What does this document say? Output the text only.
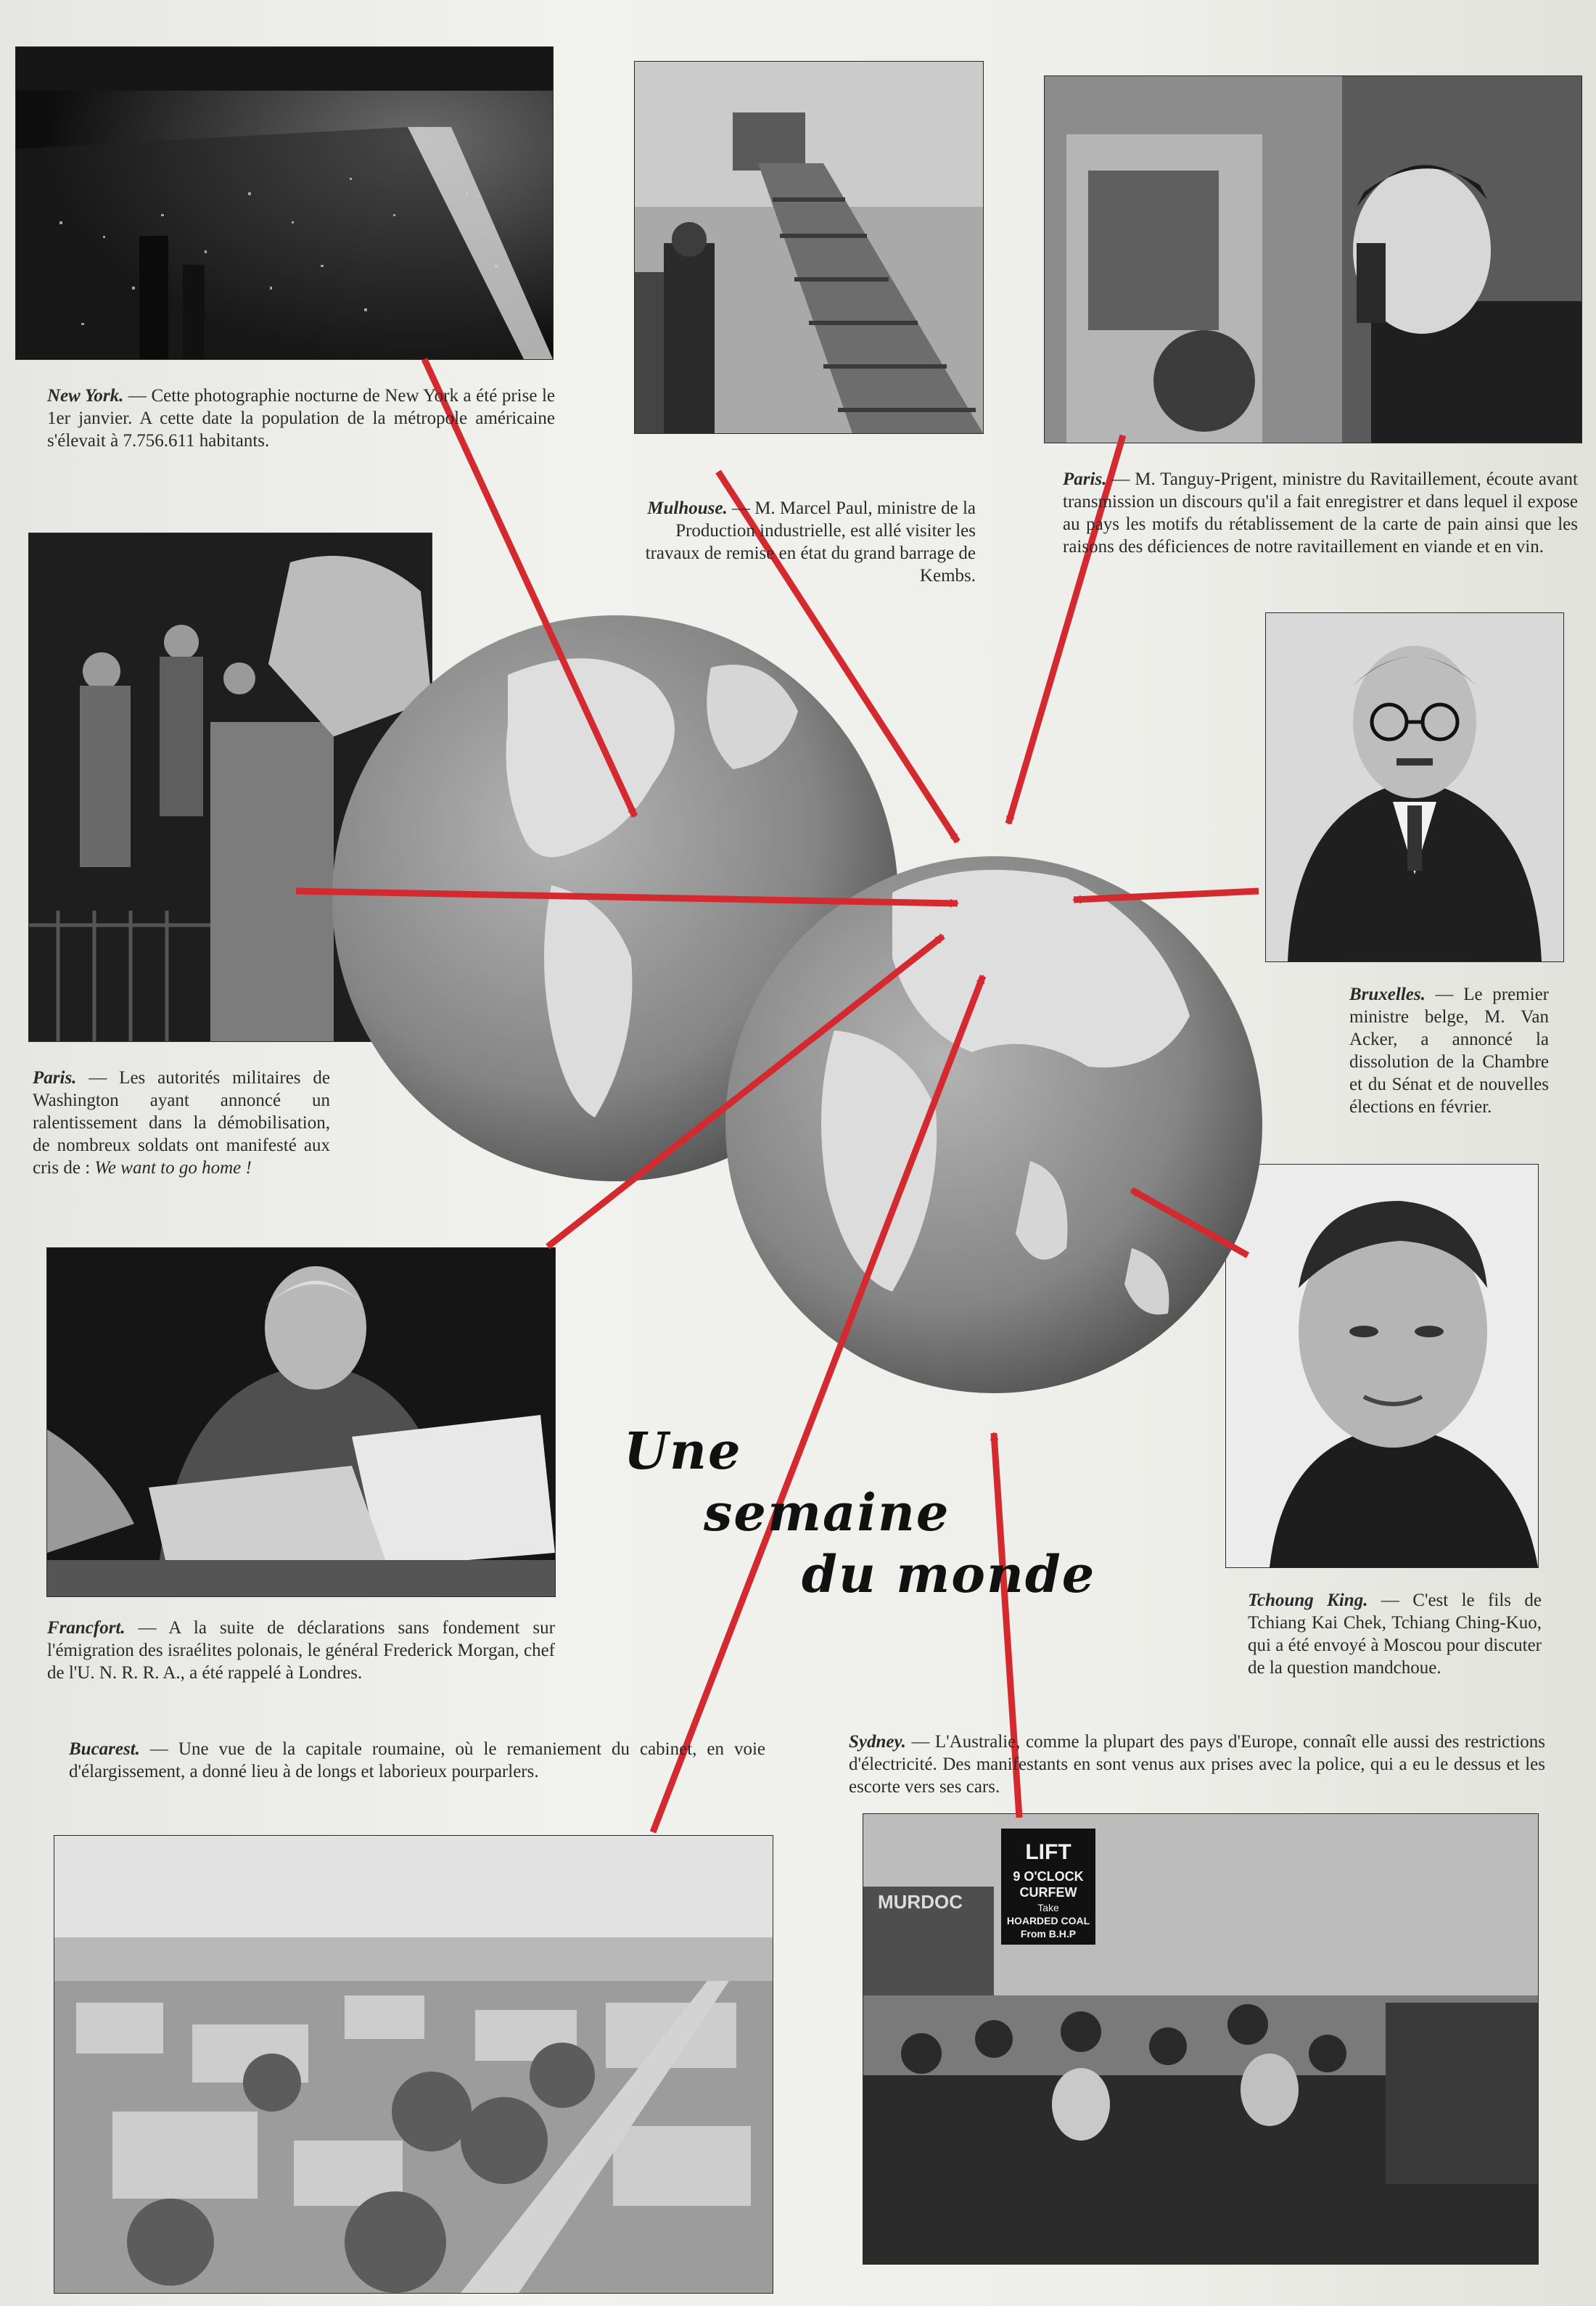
LIFT
9 O'CLOCK
CURFEW
Take
HOARDED COAL
From B.H.P
MURDOC
Une
semaine
du monde
New York. — Cette photographie nocturne de New York a été prise le 1er janvier. A cette date la population de la métropole américaine s'élevait à 7.756.611 habitants.
Mulhouse. — M. Marcel Paul, ministre de la Production industrielle, est allé visiter les travaux de remise en état du grand barrage de Kembs.
Paris. — M. Tanguy-Prigent, ministre du Ravitaillement, écoute avant transmission un discours qu'il a fait enregistrer et dans lequel il expose au pays les motifs du rétablissement de la carte de pain ainsi que les raisons des déficiences de notre ravitaillement en viande et en vin.
Paris. — Les autorités militaires de Washington ayant annoncé un ralentissement dans la démobilisation, de nombreux soldats ont manifesté aux cris de : We want to go home !
Bruxelles. — Le premier ministre belge, M. Van Acker, a annoncé la dissolution de la Chambre et du Sénat et de nouvelles élections en février.
Francfort. — A la suite de déclarations sans fondement sur l'émigration des israélites polonais, le général Frederick Morgan, chef de l'U. N. R. R. A., a été rappelé à Londres.
Tchoung King. — C'est le fils de Tchiang Kai Chek, Tchiang Ching-Kuo, qui a été envoyé à Moscou pour discuter de la question mandchoue.
Bucarest. — Une vue de la capitale roumaine, où le remaniement du cabinet, en voie d'élargissement, a donné lieu à de longs et laborieux pourparlers.
Sydney. — L'Australie, comme la plupart des pays d'Europe, connaît elle aussi des restrictions d'électricité. Des manifestants en sont venus aux prises avec la police, qui a eu le dessus et les escorte vers ses cars.
